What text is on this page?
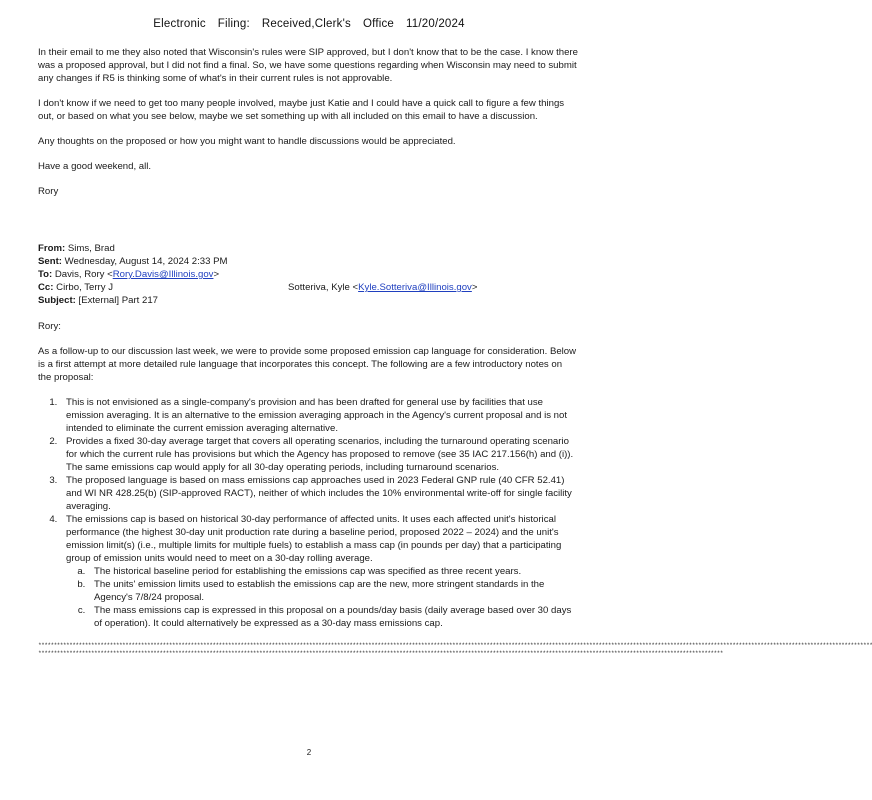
Electronic Filing: Received,Clerk's Office 11/20/2024

In their email to me they also noted that Wisconsin's rules were SIP approved, but I don't know that to be the case. I know there was a proposed approval, but I did not find a final. So, we have some questions regarding when Wisconsin may need to submit any changes if R5 is thinking some of what's in their current rules is not approvable.

I don't know if we need to get too many people involved, maybe just Katie and I could have a quick call to figure a few things out, or based on what you see below, maybe we set something up with all included on this email to have a discussion.

Any thoughts on the proposed or how you might want to handle discussions would be appreciated.

Have a good weekend, all.

Rory

From: Sims, Brad
Sent: Wednesday, August 14, 2024 2:33 PM
To: Davis, Rory <Rory.Davis@Illinois.gov>
Cc: Cirbo, Terry J	Sotteriva, Kyle <Kyle.Sotteriva@Illinois.gov>
Subject: [External] Part 217

Rory:

As a follow-up to our discussion last week, we were to provide some proposed emission cap language for consideration. Below is a first attempt at more detailed rule language that incorporates this concept. The following are a few introductory notes on the proposal:

1. This is not envisioned as a single-company's provision and has been drafted for general use by facilities that use emission averaging. It is an alternative to the emission averaging approach in the Agency's current proposal and is not intended to eliminate the current emission averaging alternative.
2. Provides a fixed 30-day average target that covers all operating scenarios, including the turnaround operating scenario for which the current rule has provisions but which the Agency has proposed to remove (see 35 IAC 217.156(h) and (i)). The same emissions cap would apply for all 30-day operating periods, including turnaround scenarios.
3. The proposed language is based on mass emissions cap approaches used in 2023 Federal GNP rule (40 CFR 52.41) and WI NR 428.25(b) (SIP-approved RACT), neither of which includes the 10% environmental write-off for single facility averaging.
4. The emissions cap is based on historical 30-day performance of affected units. It uses each affected unit's historical performance (the highest 30-day unit production rate during a baseline period, proposed 2022 – 2024) and the unit's emission limit(s) (i.e., multiple limits for multiple fuels) to establish a mass cap (in pounds per day) that a participating group of emission units would need to meet on a 30-day rolling average.
a. The historical baseline period for establishing the emissions cap was specified as three recent years.
b. The units' emission limits used to establish the emissions cap are the new, more stringent standards in the Agency's 7/8/24 proposal.
c. The mass emissions cap is expressed in this proposal on a pounds/day basis (daily average based over 30 days of operation). It could alternatively be expressed as a 30-day mass emissions cap.
****************************************************************************************************************************************************************************************************************************************************************************
****************************************************************************************************************************************************************************************************************************
2
